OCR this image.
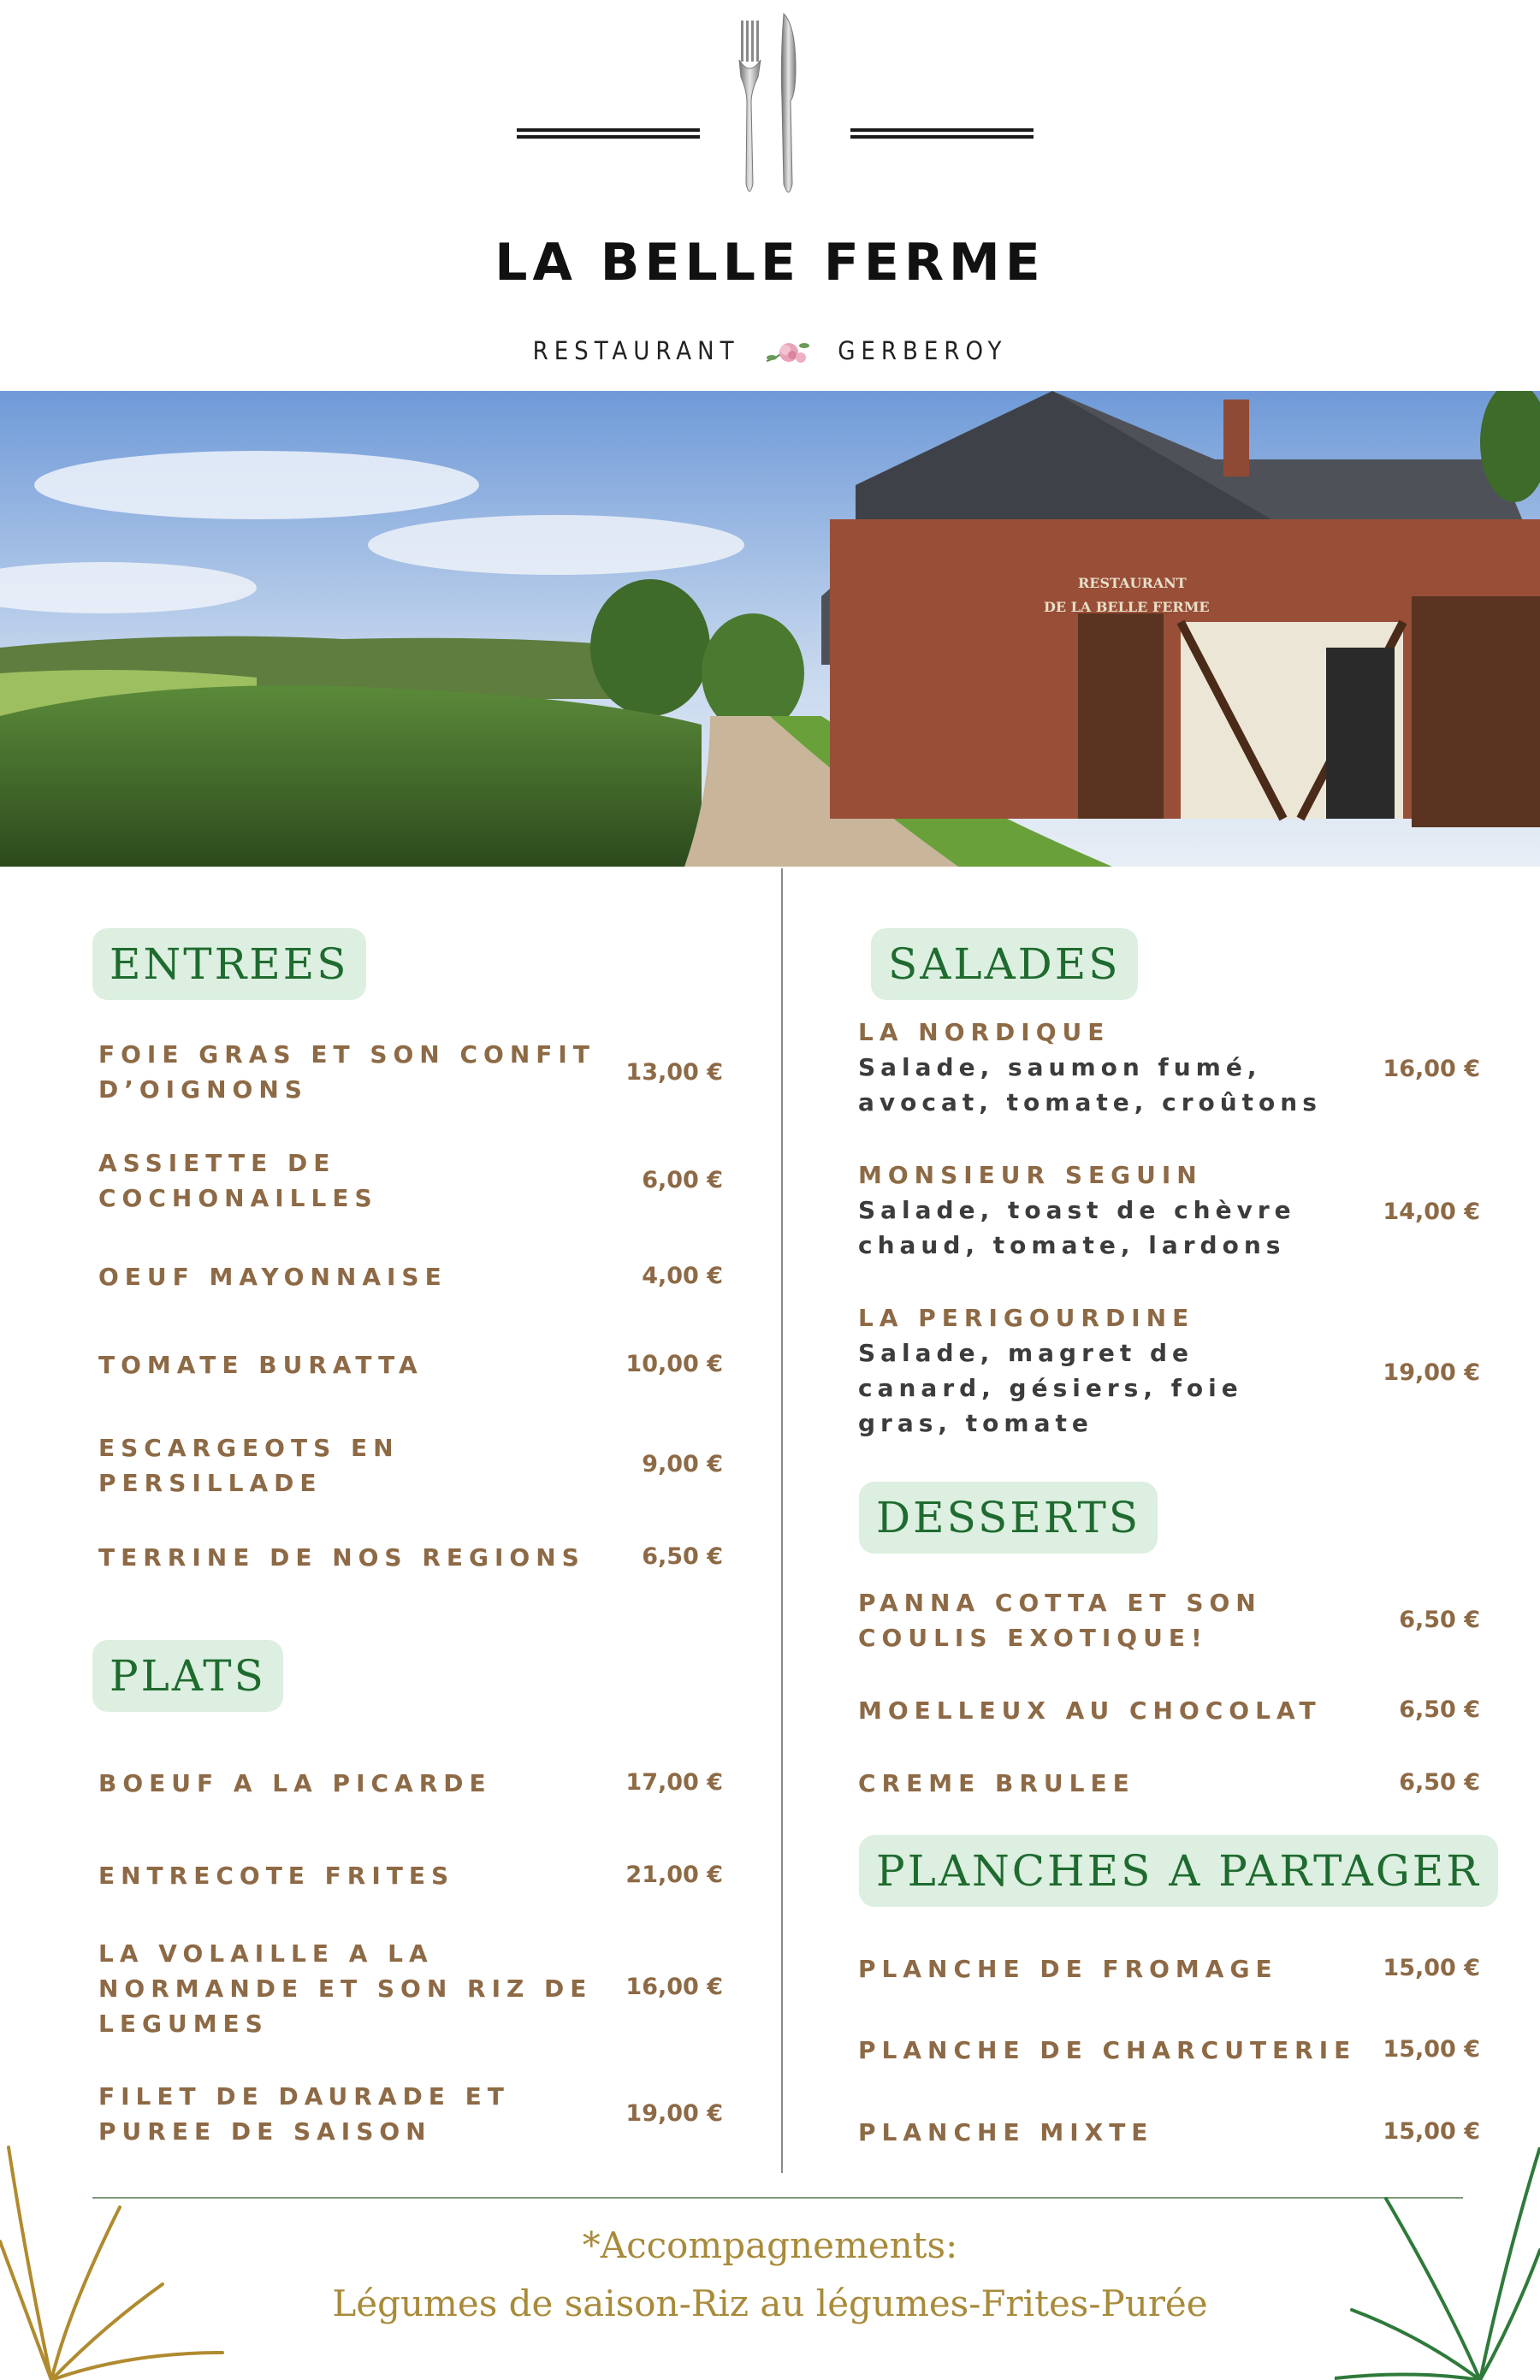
LA BELLE FERME
RESTAURANT	GERBEROY
RESTAURANT
DE LA BELLE FERME
ENTREES
FOIE GRAS ET SON CONFIT
D’OIGNONS
13,00 €
ASSIETTE DE
COCHONAILLES
6,00 €
OEUF MAYONNAISE	4,00 €
TOMATE BURATTA	10,00 €
ESCARGEOTS EN
PERSILLADE
9,00 €
TERRINE DE NOS REGIONS	6,50 €
PLATS
BOEUF A LA PICARDE	17,00 €
ENTRECOTE FRITES	21,00 €
LA VOLAILLE A LA
NORMANDE ET SON RIZ DE
LEGUMES
16,00 €
FILET DE DAURADE ET
PUREE DE SAISON
19,00 €
SALADES
LA NORDIQUE
Salade, saumon fumé,
avocat, tomate, croûtons
16,00 €
MONSIEUR SEGUIN
Salade, toast de chèvre
chaud, tomate, lardons
14,00 €
LA PERIGOURDINE
Salade, magret de
canard, gésiers, foie
gras, tomate
19,00 €
DESSERTS
PANNA COTTA ET SON
COULIS EXOTIQUE!
6,50 €
MOELLEUX AU CHOCOLAT	6,50 €
CREME BRULEE	6,50 €
PLANCHES A PARTAGER
PLANCHE DE FROMAGE	15,00 €
PLANCHE DE CHARCUTERIE	15,00 €
PLANCHE MIXTE	15,00 €
*Accompagnements:
Légumes de saison-Riz au légumes-Frites-Purée
